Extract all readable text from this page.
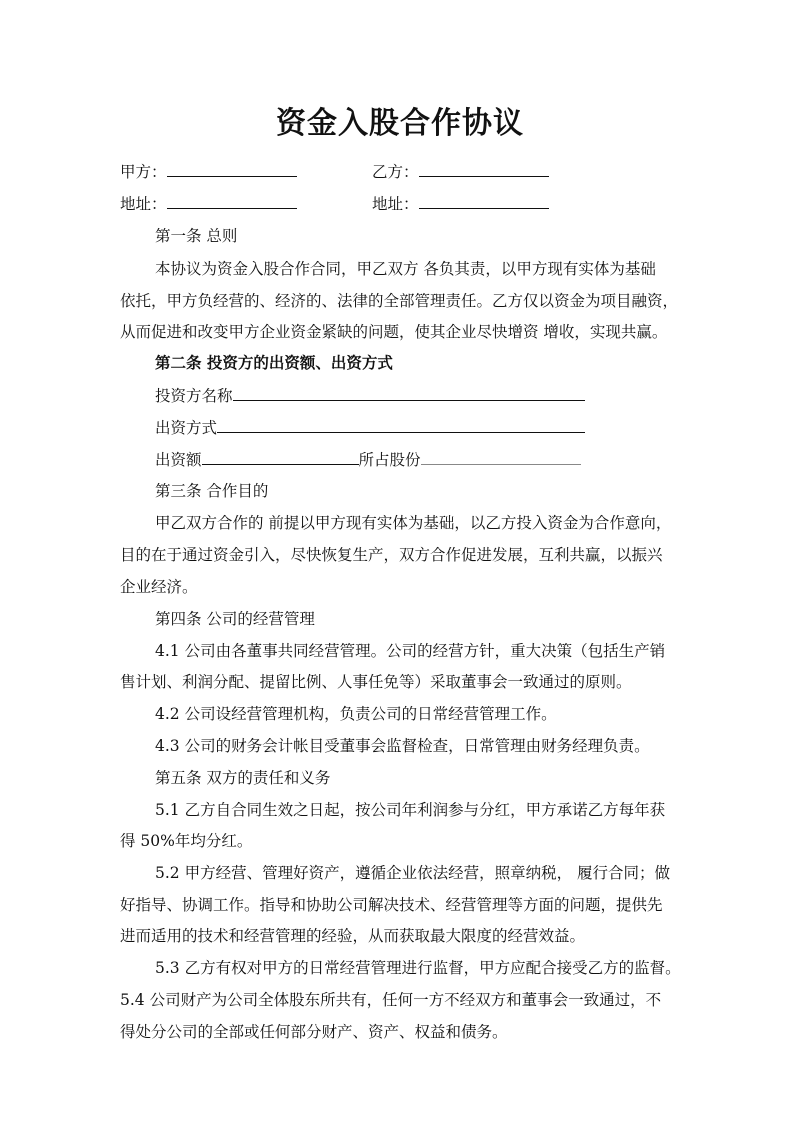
资金入股合作协议
甲方：	乙方：
地址：	地址：
第一条 总则
本协议为资金入股合作合同，甲乙双方 各负其责，以甲方现有实体为基础
依托，甲方负经营的、经济的、法律的全部管理责任。乙方仅以资金为项目融资，
从而促进和改变甲方企业资金紧缺的问题，使其企业尽快增资 增收，实现共赢。
第二条 投资方的出资额、出资方式
投资方名称
出资方式
出资额	所占股份
第三条 合作目的
甲乙双方合作的 前提以甲方现有实体为基础，以乙方投入资金为合作意向，
目的在于通过资金引入，尽快恢复生产，双方合作促进发展，互利共赢，以振兴
企业经济。
第四条 公司的经营管理
4.1 公司由各董事共同经营管理。公司的经营方针，重大决策（包括生产销
售计划、利润分配、提留比例、人事任免等）采取董事会一致通过的原则。
4.2 公司设经营管理机构，负责公司的日常经营管理工作。
4.3 公司的财务会计帐目受董事会监督检查，日常管理由财务经理负责。
第五条 双方的责任和义务
5.1 乙方自合同生效之日起，按公司年利润参与分红，甲方承诺乙方每年获
得 50%年均分红。
5.2 甲方经营、管理好资产，遵循企业依法经营，照章纳税， 履行合同；做
好指导、协调工作。指导和协助公司解决技术、经营管理等方面的问题，提供先
进而适用的技术和经营管理的经验，从而获取最大限度的经营效益。
5.3 乙方有权对甲方的日常经营管理进行监督，甲方应配合接受乙方的监督。
5.4 公司财产为公司全体股东所共有，任何一方不经双方和董事会一致通过，不
得处分公司的全部或任何部分财产、资产、权益和债务。
